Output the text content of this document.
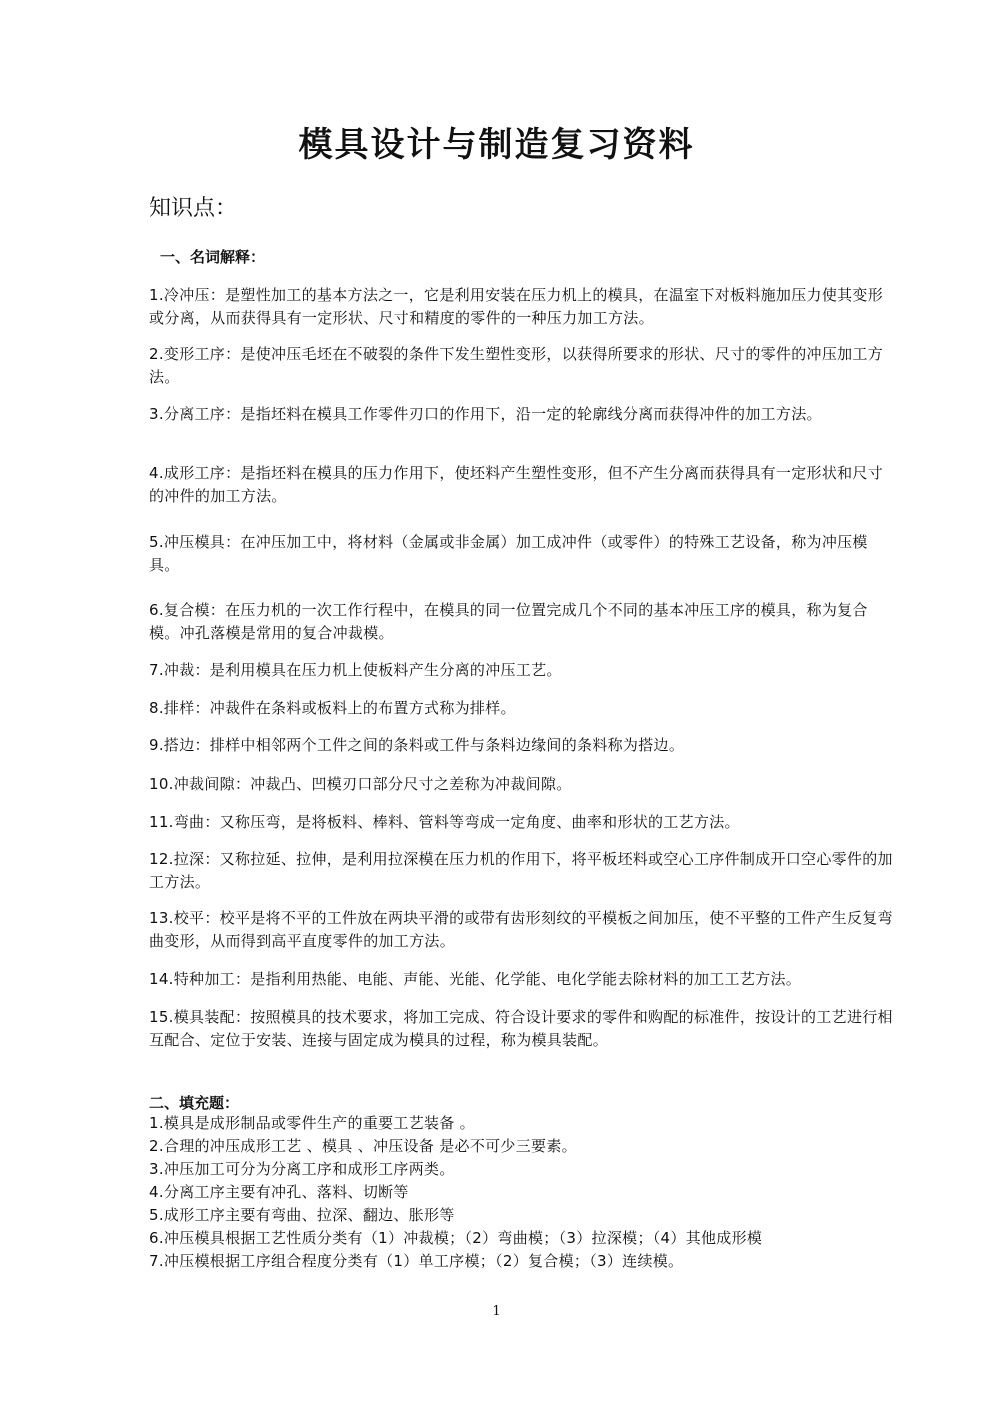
模具设计与制造复习资料
知识点：
一、名词解释：
1.冷冲压：是塑性加工的基本方法之一，它是利用安装在压力机上的模具，在温室下对板料施加压力使其变形或分离，从而获得具有一定形状、尺寸和精度的零件的一种压力加工方法。
2.变形工序：是使冲压毛坯在不破裂的条件下发生塑性变形，以获得所要求的形状、尺寸的零件的冲压加工方法。
3.分离工序：是指坯料在模具工作零件刃口的作用下，沿一定的轮廓线分离而获得冲件的加工方法。
4.成形工序：是指坯料在模具的压力作用下，使坯料产生塑性变形，但不产生分离而获得具有一定形状和尺寸的冲件的加工方法。
5.冲压模具：在冲压加工中，将材料（金属或非金属）加工成冲件（或零件）的特殊工艺设备，称为冲压模具。
6.复合模：在压力机的一次工作行程中，在模具的同一位置完成几个不同的基本冲压工序的模具，称为复合模。冲孔落模是常用的复合冲裁模。
7.冲裁：是利用模具在压力机上使板料产生分离的冲压工艺。
8.排样：冲裁件在条料或板料上的布置方式称为排样。
9.搭边：排样中相邻两个工件之间的条料或工件与条料边缘间的条料称为搭边。
10.冲裁间隙：冲裁凸、凹模刃口部分尺寸之差称为冲裁间隙。
11.弯曲：又称压弯，是将板料、棒料、管料等弯成一定角度、曲率和形状的工艺方法。
12.拉深：又称拉延、拉伸，是利用拉深模在压力机的作用下，将平板坯料或空心工序件制成开口空心零件的加工方法。
13.校平：校平是将不平的工件放在两块平滑的或带有齿形刻纹的平模板之间加压，使不平整的工件产生反复弯曲变形，从而得到高平直度零件的加工方法。
14.特种加工：是指利用热能、电能、声能、光能、化学能、电化学能去除材料的加工工艺方法。
15.模具装配：按照模具的技术要求，将加工完成、符合设计要求的零件和购配的标准件，按设计的工艺进行相互配合、定位于安装、连接与固定成为模具的过程，称为模具装配。
二、填充题：
1.模具是成形制品或零件生产的重要工艺装备 。
2.合理的冲压成形工艺 、模具 、冲压设备 是必不可少三要素。
3.冲压加工可分为分离工序和成形工序两类。
4.分离工序主要有冲孔、落料、切断等
5.成形工序主要有弯曲、拉深、翻边、胀形等
6.冲压模具根据工艺性质分类有（1）冲裁模；（2）弯曲模；（3）拉深模；（4）其他成形模
7.冲压模根据工序组合程度分类有（1）单工序模；（2）复合模；（3）连续模。
1
